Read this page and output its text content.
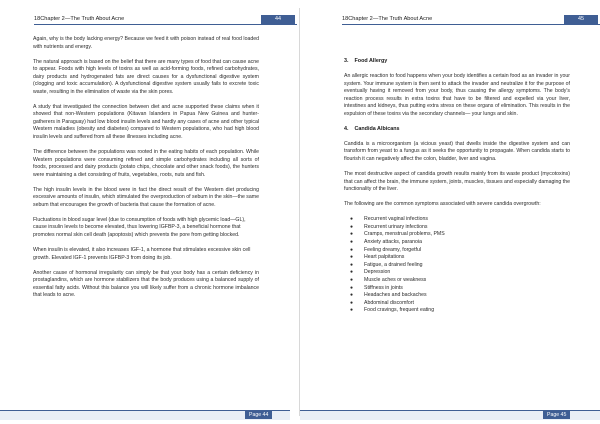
18Chapter 2—The Truth About Acne	44

Again, why is the body lacking energy? Because we feed it with poison instead of real food loaded with nutrients and energy.

The natural approach is based on the belief that there are many types of food that can cause acne to appear. Foods with high levels of toxins as well as acid-forming foods, refined carbohydrates, dairy products and hydrogenated fats are direct causes for a dysfunctional digestive system (clogging and toxic accumulation). A dysfunctional digestive system usually fails to excrete toxic waste, resulting in the elimination of waste via the skin pores.

A study that investigated the connection between diet and acne supported these claims when it showed that non-Western populations (Kitavan Islanders in Papua New Guinea and hunter-gatherers in Paraguay) had low blood insulin levels and hardly any cases of acne and other typical Western maladies (obesity and diabetes) compared to Western populations, who had high blood insulin levels and suffered from all these illnesses including acne.

The difference between the populations was rooted in the eating habits of each population. While Western populations were consuming refined and simple carbohydrates including all sorts of foods, processed and dairy products (potato chips, chocolate and other snack foods), the hunters were maintaining a diet consisting of fruits, vegetables, roots, nuts and fish.

The high insulin levels in the blood were in fact the direct result of the Western diet producing excessive amounts of insulin, which stimulated the overproduction of sebum in the skin—the same sebum that encourages the growth of bacteria that cause the formation of acne.

Fluctuations in blood sugar level (due to consumption of foods with high glycemic load—GL), cause insulin levels to become elevated, thus lowering IGFBP-3, a beneficial hormone that promotes normal skin cell death (apoptosis) which prevents the pore from getting blocked.

When insulin is elevated, it also increases IGF-1, a hormone that stimulates excessive skin cell growth. Elevated IGF-1 prevents IGFBP-3 from doing its job.

Another cause of hormonal irregularity can simply be that your body has a certain deficiency in prostaglandins, which are hormone stabilizers that the body produces using a balanced supply of essential fatty acids. Without this balance you will likely suffer from a chronic hormone imbalance that leads to acne.

Page 44
18Chapter 2—The Truth About Acne	45
3.    Food Allergy

An allergic reaction to food happens when your body identifies a certain food as an invader in your system. Your immune system is then sent to attack the invader and neutralize it for the purpose of eventually having it removed from your body, thus causing the allergy symptoms. The body's reaction process results in extra toxins that have to be filtered and expelled via your liver, intestines and kidneys, thus putting extra stress on these organs of elimination. This results in the expulsion of these toxins via the secondary channels— your lungs and skin.

4.    Candida Albicans

Candida is a microorganism (a vicious yeast) that dwells inside the digestive system and can transform from yeast to a fungus as it seeks the opportunity to propagate. When candida starts to flourish it can negatively affect the colon, bladder, liver and vagina.

The most destructive aspect of candida growth results mainly from its waste product (mycotoxins) that can affect the brain, the immune system, joints, muscles, tissues and especially damaging the functionality of the liver.

The following are the common symptoms associated with severe candida overgrowth:

● Recurrent vaginal infections
● Recurrent urinary infections
● Cramps, menstrual problems, PMS
● Anxiety attacks, paranoia
● Feeling dreamy, forgetful
● Heart palpitations
● Fatigue, a drained feeling
● Depression
● Muscle aches or weakness
● Stiffness in joints
● Headaches and backaches
● Abdominal discomfort
● Food cravings, frequent eating
Page 45
